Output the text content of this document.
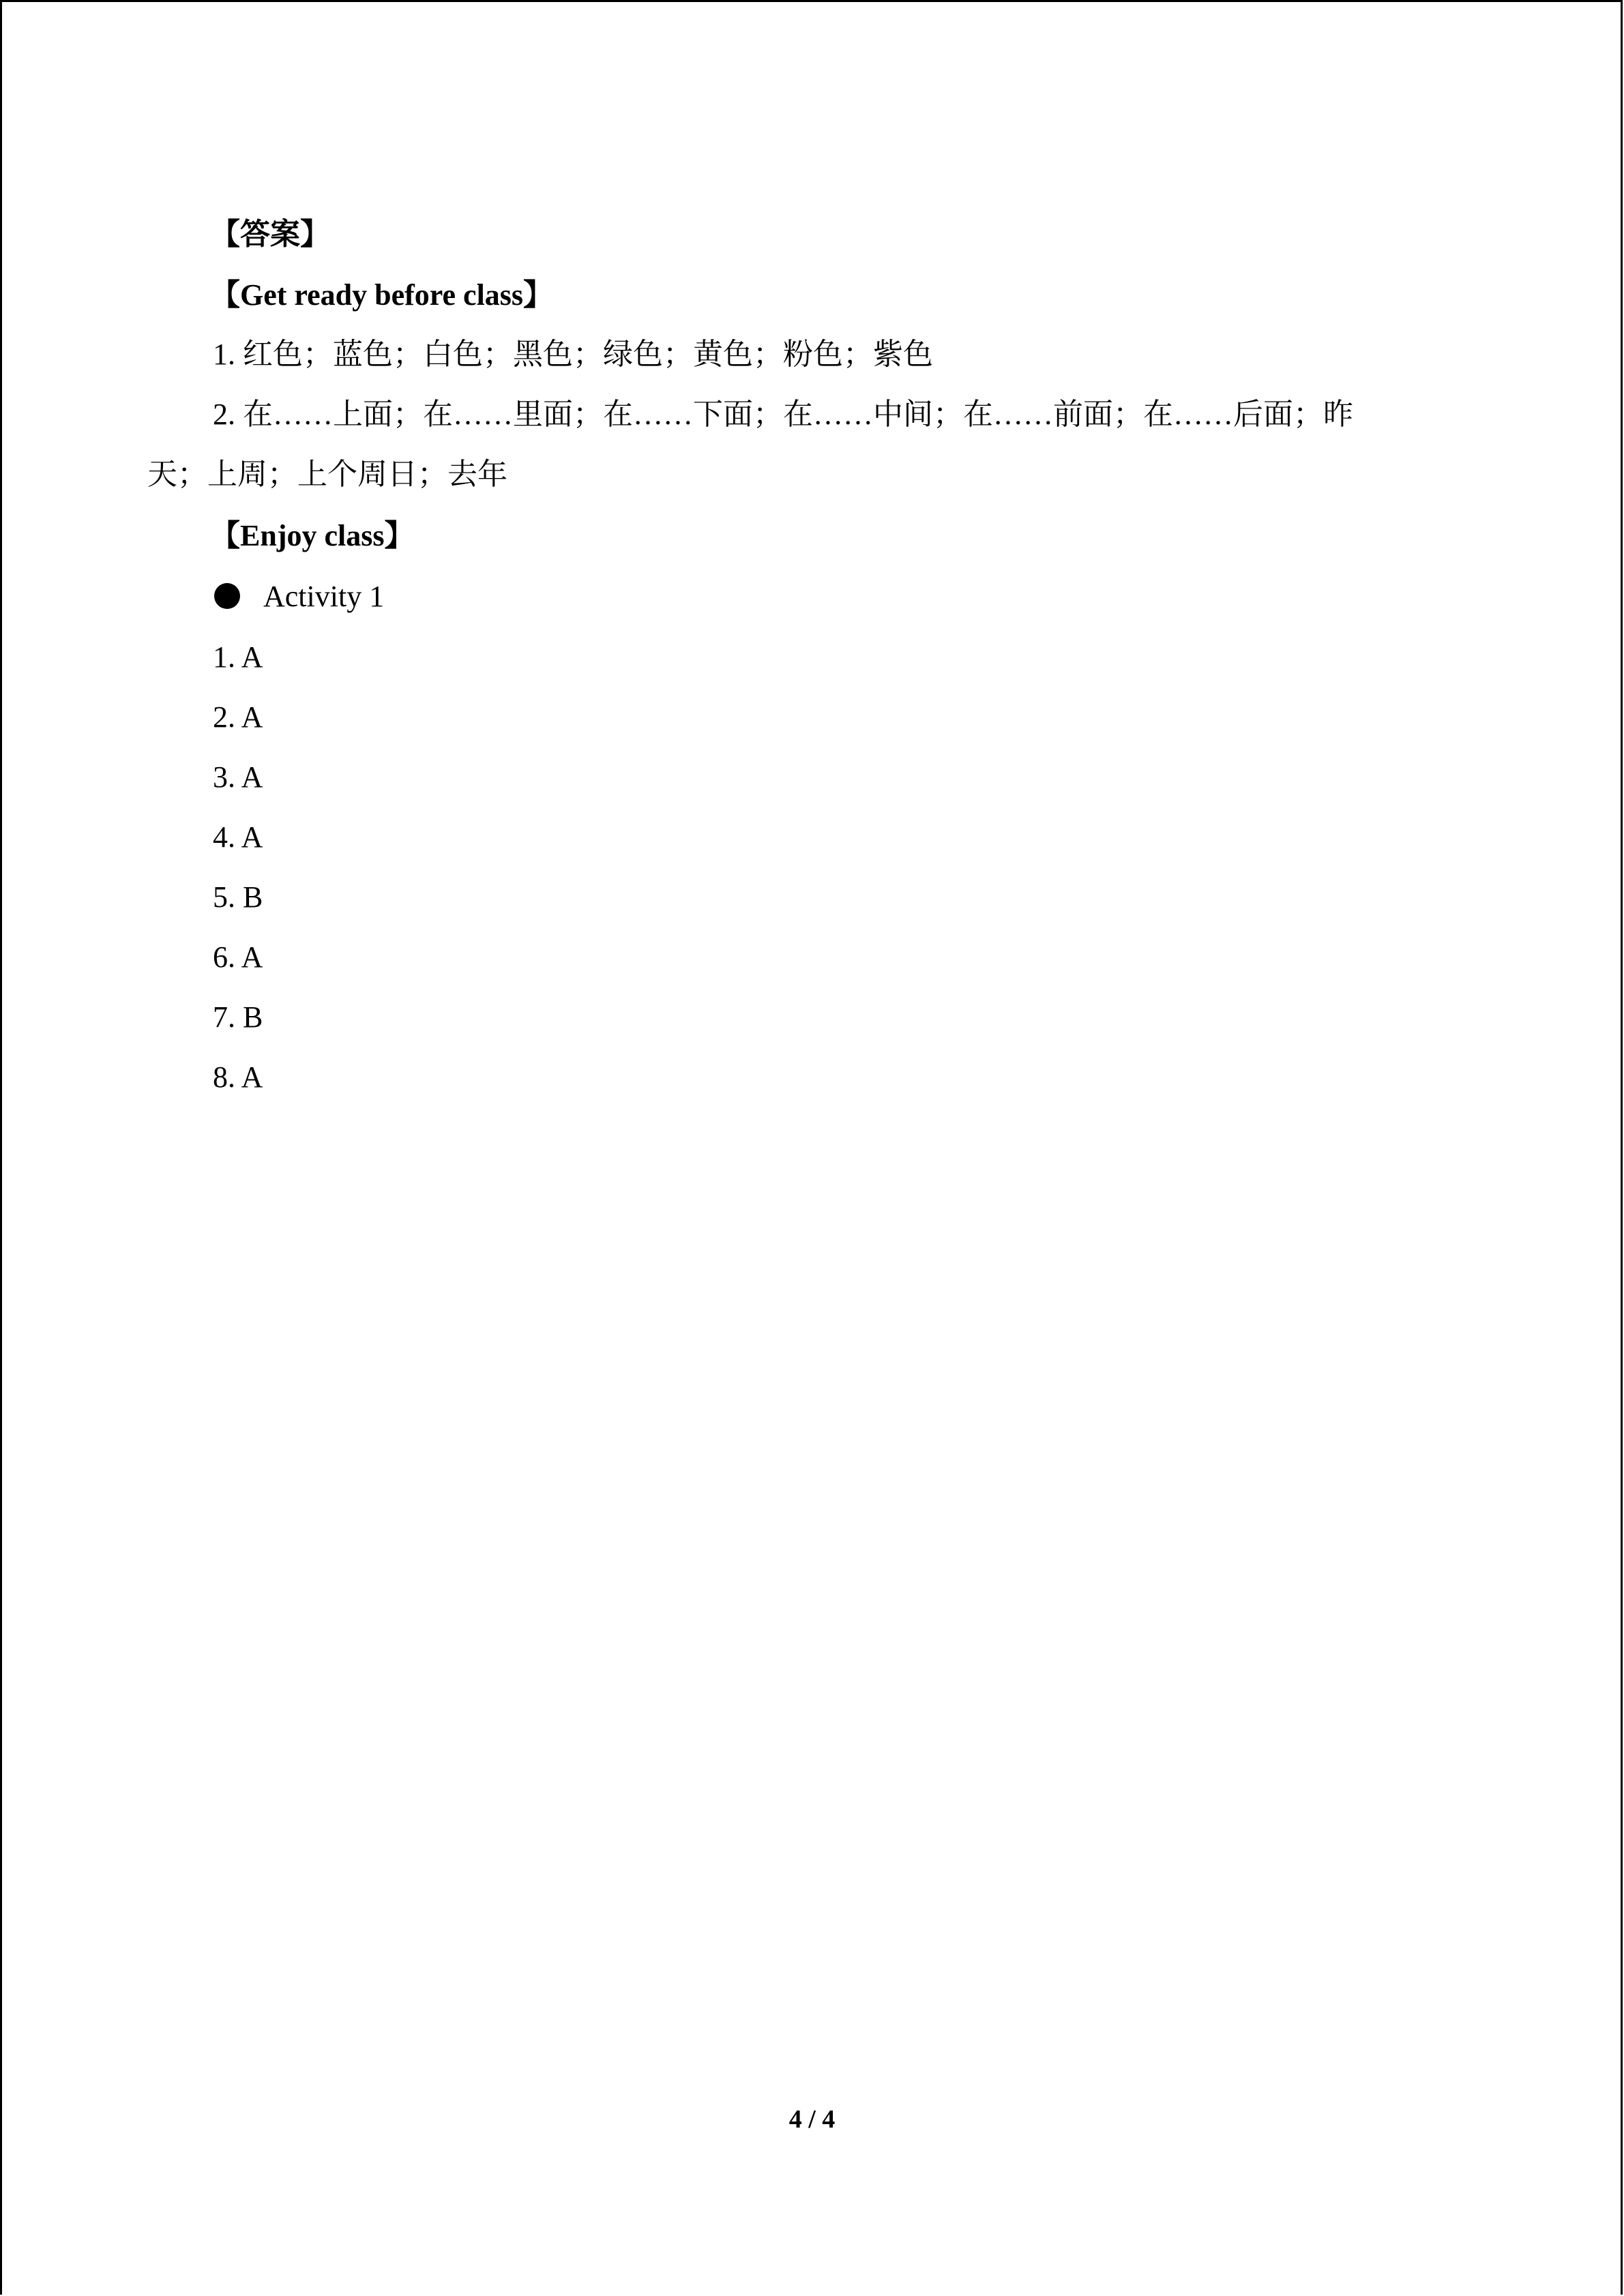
【答案】
【Get ready before class】
1. 红色；蓝色；白色；黑色；绿色；黄色；粉色；紫色
2. 在……上面；在……里面；在……下面；在……中间；在……前面；在……后面；昨
天；上周；上个周日；去年
【Enjoy class】
Activity 1
1. A
2. A
3. A
4. A
5. B
6. A
7. B
8. A
4 / 4
